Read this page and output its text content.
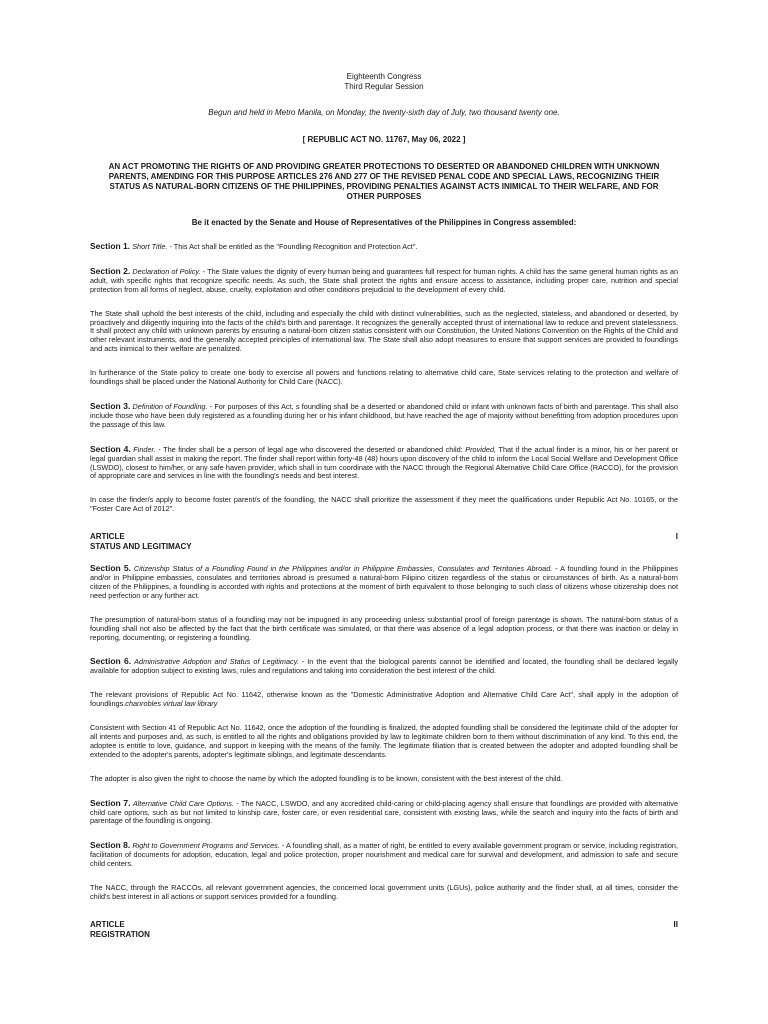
Eighteenth Congress

Third Regular Session

Begun and held in Metro Manila, on Monday, the twenty-sixth day of July, two thousand twenty one.

[ REPUBLIC ACT NO. 11767, May 06, 2022 ]

AN ACT PROMOTING THE RIGHTS OF AND PROVIDING GREATER PROTECTIONS TO DESERTED OR ABANDONED CHILDREN WITH UNKNOWN PARENTS, AMENDING FOR THIS PURPOSE ARTICLES 276 AND 277 OF THE REVISED PENAL CODE AND SPECIAL LAWS, RECOGNIZING THEIR STATUS AS NATURAL-BORN CITIZENS OF THE PHILIPPINES, PROVIDING PENALTIES AGAINST ACTS INIMICAL TO THEIR WELFARE, AND FOR OTHER PURPOSES

Be it enacted by the Senate and House of Representatives of the Philippines in Congress assembled:

Section 1. Short Title. - This Act shall be entitled as the "Foundling Recognition and Protection Act".

Section 2. Declaration of Policy. - The State values the dignity of every human being and guarantees full respect for human rights. A child has the same general human rights as an adult, with specific rights that recognize specific needs. As such, the State shall protect the rights and ensure access to assistance, including proper care, nutrition and special protection from all forms of neglect, abuse, cruelty, exploitation and other conditions prejudicial to the development of every child.

The State shall uphold the best interests of the child, including and especially the child with distinct vulnerabilities, such as the neglected, stateless, and abandoned or deserted, by proactively and diligently inquiring into the facts of the child's birth and parentage. It recognizes the generally accepted thrust of international law to reduce and prevent statelessness. It shall protect any child with unknown parents by ensuring a natural-born citizen status consistent with our Constitution, the United Nations Convention on the Rights of the Child and other relevant instruments, and the generally accepted principles of international law. The State shall also adopt measures to ensure that support services are provided to foundlings and acts inimical to their welfare are penalized.

In furtherance of the State policy to create one body to exercise all powers and functions relating to alternative child care, State services relating to the protection and welfare of foundlings shall be placed under the National Authority for Child Care (NACC).

Section 3. Definition of Foundling. - For purposes of this Act, s foundling shall be a deserted or abandoned child or infant with unknown facts of birth and parentage. This shall also include those who have been duly registered as a foundling during her or his infant childhood, but have reached the age of majority without benefitting from adoption procedures upon the passage of this law.

Section 4. Finder. - The finder shall be a person of legal age who discovered the deserted or abandoned child: Provided, That if the actual finder is a minor, his or her parent or legal guardian shall assist in making the report. The finder shall report within forty-48 (48) hours upon discovery of the child to inform the Local Social Welfare and Development Office (LSWDO), closest to him/her, or any safe haven provider, which shall in turn coordinate with the NACC through the Regional Alternative Child Care Office (RACCO), for the provision of appropriate care and services in line with the foundling's needs and best interest.

In case the finder/s apply to become foster parent/s of the foundling, the NACC shall prioritize the assessment if they meet the qualifications under Republic Act No. 10165, or the "Foster Care Act of 2012".

ARTICLE
STATUS AND LEGITIMACY
I

Section 5. Citizenship Status of a Foundling Found in the Philippines and/or in Philippine Embassies, Consulates and Territories Abroad. - A foundling found in the Philippines and/or in Philippine embassies, consulates and territories abroad is presumed a natural-born Filipino citizen regardless of the status or circumstances of birth. As a natural-born citizen of the Philippines, a foundling is accorded with rights and protections at the moment of birth equivalent to those belonging to such class of citizens whose citizenship does not need perfection or any further act.

The presumption of natural-born status of a foundling may not be impugned in any proceeding unless substantial proof of foreign parentage is shown. The natural-born status of a foundling shall not also be affected by the fact that the birth certificate was simulated, or that there was absence of a legal adoption process, or that there was inaction or delay in reporting, documenting, or registering a foundling.

Section 6. Administrative Adoption and Status of Legitimacy. - In the event that the biological parents cannot be identified and located, the foundling shall be declared legally available for adoption subject to existing laws, rules and regulations and taking into consideration the best interest of the child.

The relevant provisions of Republic Act No. 11642, otherwise known as the "Domestic Administrative Adoption and Alternative Child Care Act", shall apply in the adoption of foundlings.chanrobles virtual law library

Consistent with Section 41 of Republic Act No. 11642, once the adoption of the foundling is finalized, the adopted foundling shall be considered the legitimate child of the adopter for all intents and purposes and, as such, is entitled to all the rights and obligations provided by law to legitimate children born to them without discrimination of any kind. To this end, the adoptee is entitle to love, guidance, and support in keeping with the means of the family. The legitimate filiation that is created between the adopter and adopted foundling shall be extended to the adopter's parents, adopter's legitimate siblings, and legitimate descendants.

The adopter is also given the right to choose the name by which the adopted foundling is to be known, consistent with the best interest of the child.

Section 7. Alternative Child Care Options. - The NACC, LSWDO, and any accredited child-caring or child-placing agency shall ensure that foundlings are provided with alternative child care options, such as but not limited to kinship care, foster care, or even residential care, consistent with existing laws, while the search and inquiry into the facts of birth and parentage of the foundling is ongoing.

Section 8. Right to Government Programs and Services. - A foundling shall, as a matter of right, be entitled to every available government program or service, including registration, facilitation of documents for adoption, education, legal and police protection, proper nourishment and medical care for survival and development, and admission to safe and secure child centers.

The NACC, through the RACCOs, all relevant government agencies, the concerned local government units (LGUs), police authority and the finder shall, at all times, consider the child's best interest in all actions or support services provided for a foundling.

ARTICLE
REGISTRATION
II
